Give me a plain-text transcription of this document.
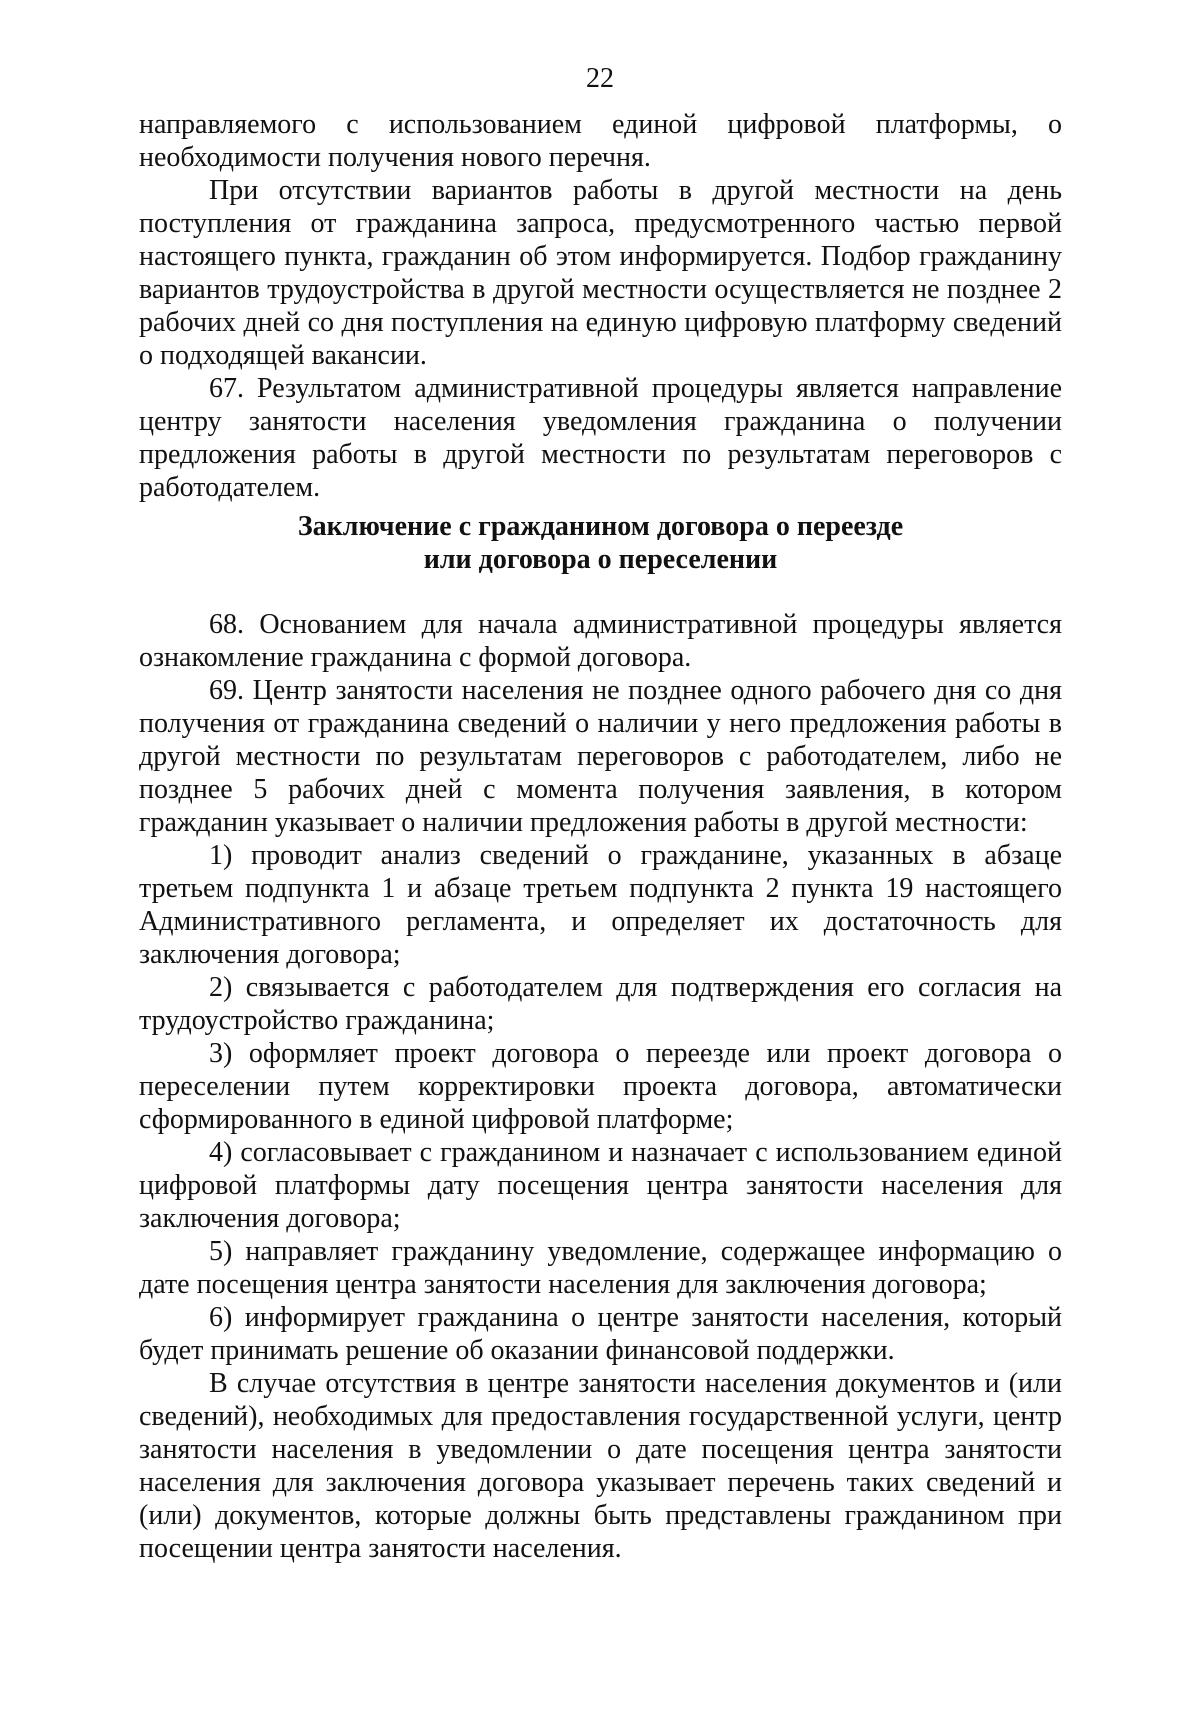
22

направляемого с использованием единой цифровой платформы, о необходимости получения нового перечня.

При отсутствии вариантов работы в другой местности на день поступления от гражданина запроса, предусмотренного частью первой настоящего пункта, гражданин об этом информируется. Подбор гражданину вариантов трудоустройства в другой местности осуществляется не позднее 2 рабочих дней со дня поступления на единую цифровую платформу сведений о подходящей вакансии.

67. Результатом административной процедуры является направление центру занятости населения уведомления гражданина о получении предложения работы в другой местности по результатам переговоров с работодателем.

Заключение с гражданином договора о переезде
или договора о переселении

68. Основанием для начала административной процедуры является ознакомление гражданина с формой договора.

69. Центр занятости населения не позднее одного рабочего дня со дня получения от гражданина сведений о наличии у него предложения работы в другой местности по результатам переговоров с работодателем, либо не позднее 5 рабочих дней с момента получения заявления, в котором гражданин указывает о наличии предложения работы в другой местности:

1) проводит анализ сведений о гражданине, указанных в абзаце третьем подпункта 1 и абзаце третьем подпункта 2 пункта 19 настоящего Административного регламента, и определяет их достаточность для заключения договора;

2) связывается с работодателем для подтверждения его согласия на трудоустройство гражданина;

3) оформляет проект договора о переезде или проект договора о переселении путем корректировки проекта договора, автоматически сформированного в единой цифровой платформе;

4) согласовывает с гражданином и назначает с использованием единой цифровой платформы дату посещения центра занятости населения для заключения договора;

5) направляет гражданину уведомление, содержащее информацию о дате посещения центра занятости населения для заключения договора;

6) информирует гражданина о центре занятости населения, который будет принимать решение об оказании финансовой поддержки.

В случае отсутствия в центре занятости населения документов и (или сведений), необходимых для предоставления государственной услуги, центр занятости населения в уведомлении о дате посещения центра занятости населения для заключения договора указывает перечень таких сведений и (или) документов, которые должны быть представлены гражданином при посещении центра занятости населения.
